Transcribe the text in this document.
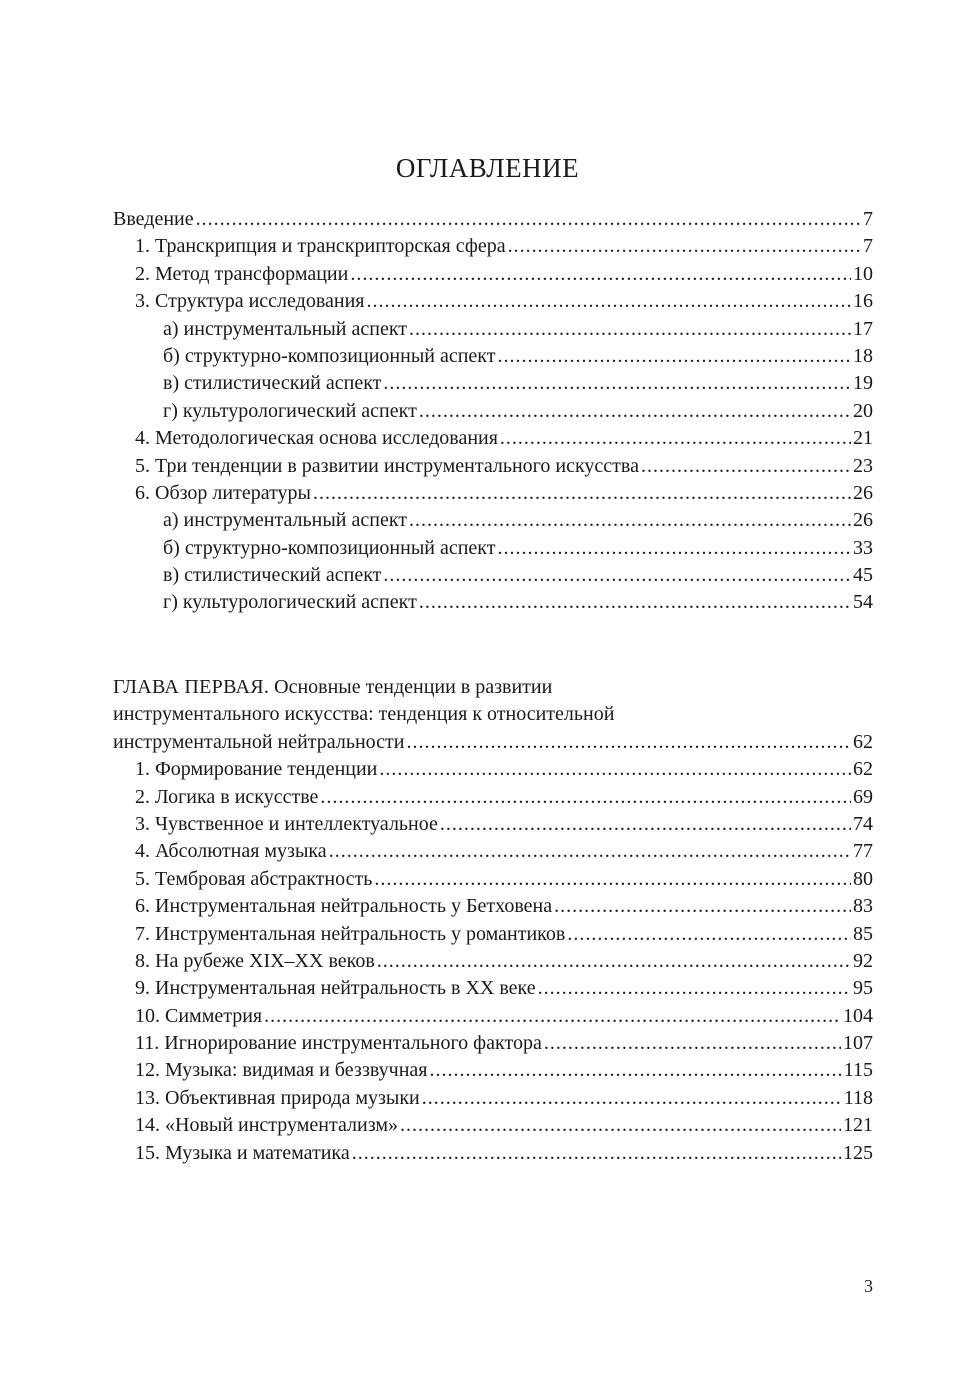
ОГЛАВЛЕНИЕ
Введение .....	7
1. Транскрипция и транскрипторская сфера .....	7
2. Метод трансформации .....	10
3. Структура исследования .....	16
а) инструментальный аспект .....	17
б) структурно-композиционный аспект .....	18
в) стилистический аспект .....	19
г) культурологический аспект .....	20
4. Методологическая основа исследования .....	21
5. Три тенденции в развитии инструментального искусства .....	23
6. Обзор литературы .....	26
а) инструментальный аспект .....	26
б) структурно-композиционный аспект .....	33
в) стилистический аспект .....	45
г) культурологический аспект .....	54
ГЛАВА ПЕРВАЯ. Основные тенденции в развитии
инструментального искусства: тенденция к относительной
инструментальной нейтральности .....	62
1. Формирование тенденции .....	62
2. Логика в искусстве .....	69
3. Чувственное и интеллектуальное .....	74
4. Абсолютная музыка .....	77
5. Тембровая абстрактность .....	80
6. Инструментальная нейтральность у Бетховена .....	83
7. Инструментальная нейтральность у романтиков .....	85
8. На рубеже XIX–XX веков .....	92
9. Инструментальная нейтральность в XX веке .....	95
10. Симметрия .....	104
11. Игнорирование инструментального фактора .....	107
12. Музыка: видимая и беззвучная .....	115
13. Объективная природа музыки .....	118
14. «Новый инструментализм» .....	121
15. Музыка и математика .....	125
3
